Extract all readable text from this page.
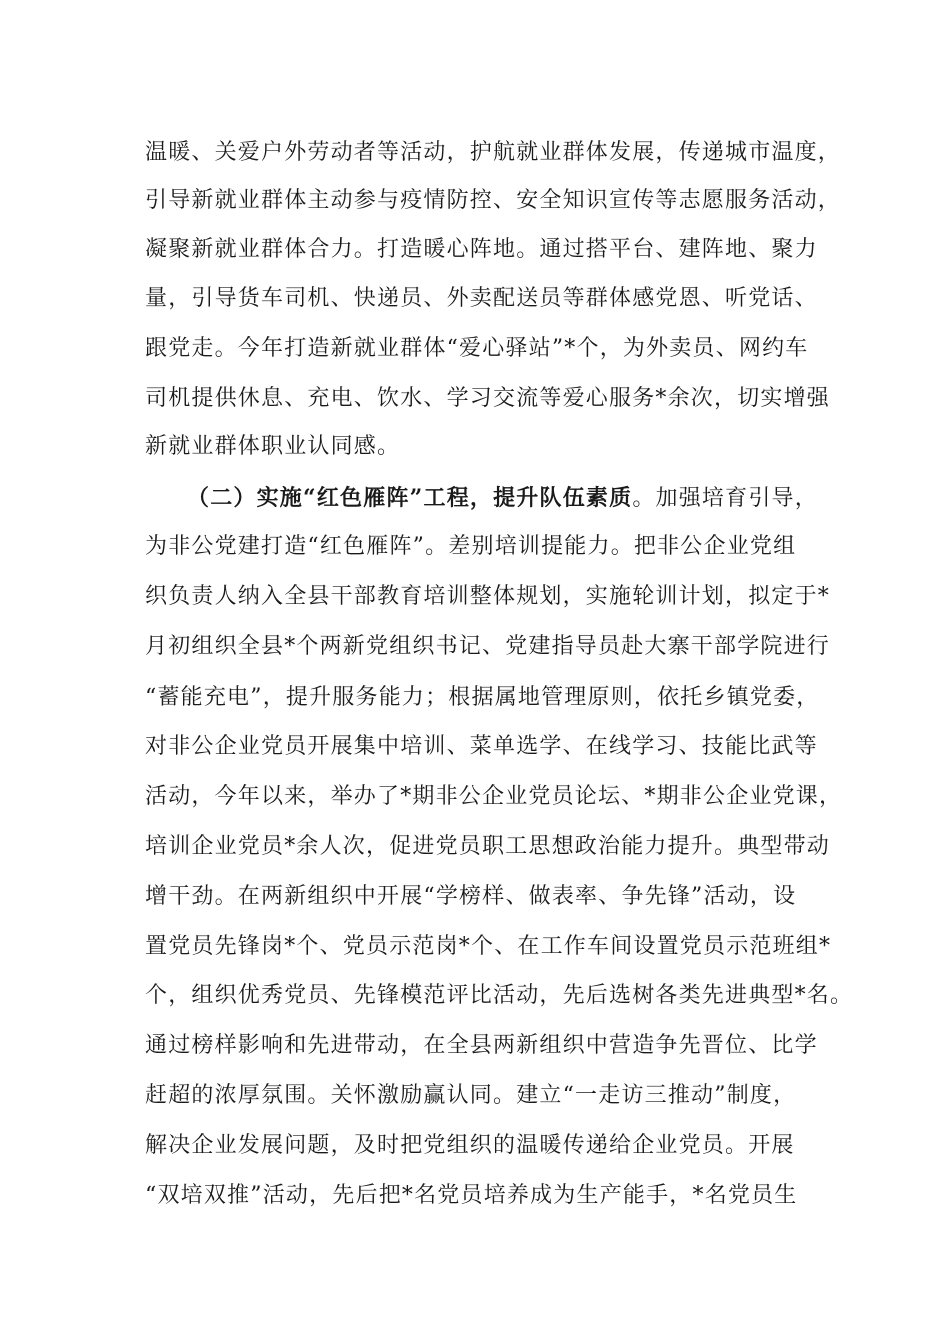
温暖、关爱户外劳动者等活动，护航就业群体发展，传递城市温度，
引导新就业群体主动参与疫情防控、安全知识宣传等志愿服务活动，
凝聚新就业群体合力。打造暖心阵地。通过搭平台、建阵地、聚力
量，引导货车司机、快递员、外卖配送员等群体感党恩、听党话、
跟党走。今年打造新就业群体“爱心驿站”*个，为外卖员、网约车
司机提供休息、充电、饮水、学习交流等爱心服务*余次，切实增强
新就业群体职业认同感。
（二）实施“红色雁阵”工程，提升队伍素质。加强培育引导，
为非公党建打造“红色雁阵”。差别培训提能力。把非公企业党组
织负责人纳入全县干部教育培训整体规划，实施轮训计划，拟定于*
月初组织全县*个两新党组织书记、党建指导员赴大寨干部学院进行
“蓄能充电”，提升服务能力；根据属地管理原则，依托乡镇党委，
对非公企业党员开展集中培训、菜单选学、在线学习、技能比武等
活动，今年以来，举办了*期非公企业党员论坛、*期非公企业党课，
培训企业党员*余人次，促进党员职工思想政治能力提升。典型带动
增干劲。在两新组织中开展“学榜样、做表率、争先锋”活动，设
置党员先锋岗*个、党员示范岗*个、在工作车间设置党员示范班组*
个，组织优秀党员、先锋模范评比活动，先后选树各类先进典型*名。
通过榜样影响和先进带动，在全县两新组织中营造争先晋位、比学
赶超的浓厚氛围。关怀激励赢认同。建立“一走访三推动”制度，
解决企业发展问题，及时把党组织的温暖传递给企业党员。开展
“双培双推”活动，先后把*名党员培养成为生产能手，*名党员生
